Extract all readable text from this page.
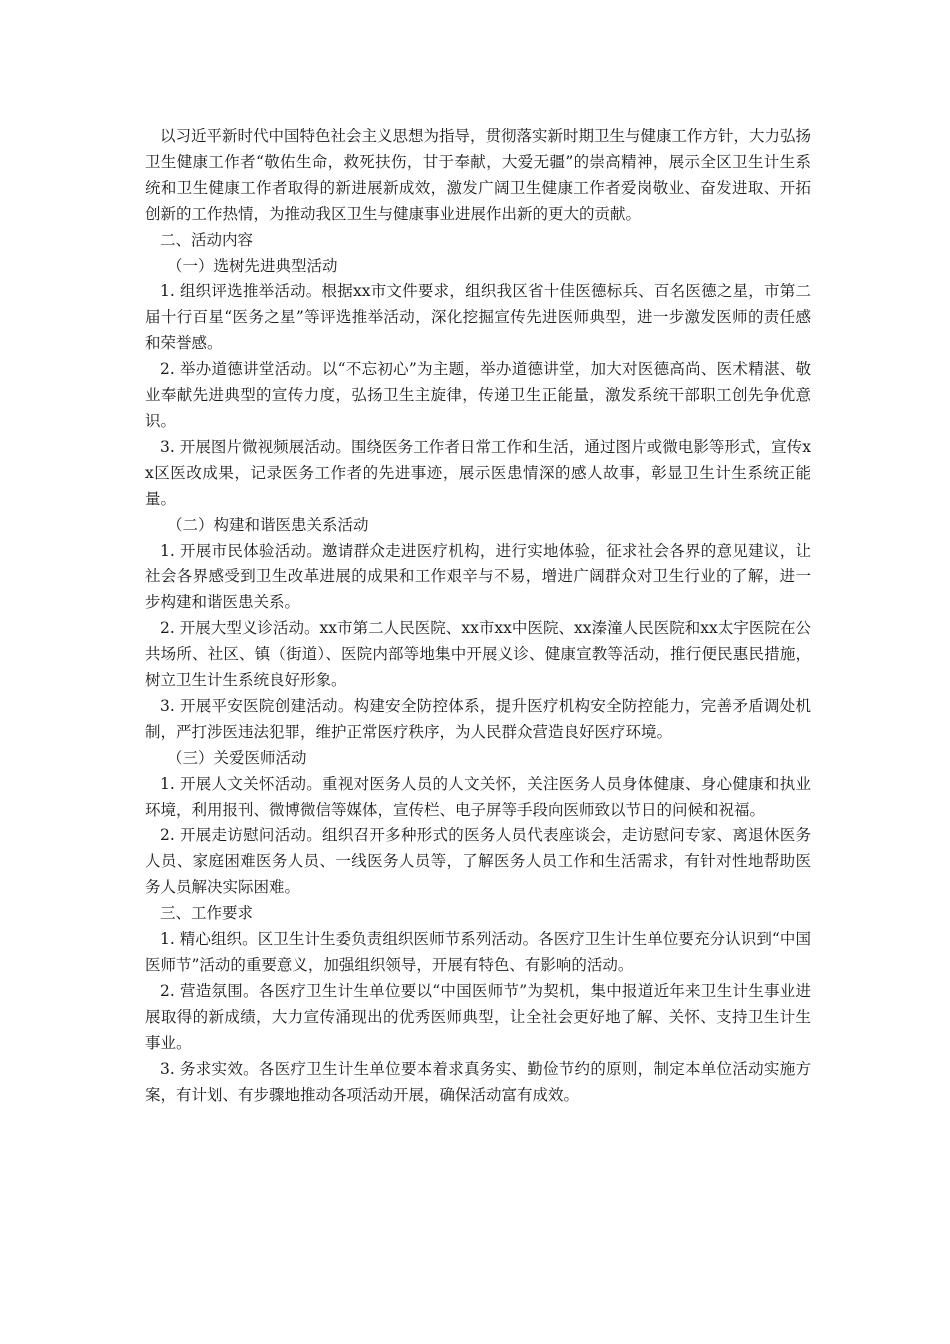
以习近平新时代中国特色社会主义思想为指导，贯彻落实新时期卫生与健康工作方针，大力弘扬卫生健康工作者“敬佑生命，救死扶伤，甘于奉献，大爱无疆”的崇高精神，展示全区卫生计生系统和卫生健康工作者取得的新进展新成效，激发广阔卫生健康工作者爱岗敬业、奋发进取、开拓创新的工作热情，为推动我区卫生与健康事业进展作出新的更大的贡献。

二、活动内容

（一）选树先进典型活动

1. 组织评选推举活动。根据xx市文件要求，组织我区省十佳医德标兵、百名医德之星，市第二届十行百星“医务之星”等评选推举活动，深化挖掘宣传先进医师典型，进一步激发医师的责任感和荣誉感。

2. 举办道德讲堂活动。以“不忘初心”为主题，举办道德讲堂，加大对医德高尚、医术精湛、敬业奉献先进典型的宣传力度，弘扬卫生主旋律，传递卫生正能量，激发系统干部职工创先争优意识。

3. 开展图片微视频展活动。围绕医务工作者日常工作和生活，通过图片或微电影等形式，宣传xx区医改成果，记录医务工作者的先进事迹，展示医患情深的感人故事，彰显卫生计生系统正能量。

（二）构建和谐医患关系活动

1. 开展市民体验活动。邀请群众走进医疗机构，进行实地体验，征求社会各界的意见建议，让社会各界感受到卫生改革进展的成果和工作艰辛与不易，增进广阔群众对卫生行业的了解，进一步构建和谐医患关系。

2. 开展大型义诊活动。xx市第二人民医院、xx市xx中医院、xx溱潼人民医院和xx太宇医院在公共场所、社区、镇（街道）、医院内部等地集中开展义诊、健康宣教等活动，推行便民惠民措施，树立卫生计生系统良好形象。

3. 开展平安医院创建活动。构建安全防控体系，提升医疗机构安全防控能力，完善矛盾调处机制，严打涉医违法犯罪，维护正常医疗秩序，为人民群众营造良好医疗环境。

（三）关爱医师活动

1. 开展人文关怀活动。重视对医务人员的人文关怀，关注医务人员身体健康、身心健康和执业环境，利用报刊、微博微信等媒体，宣传栏、电子屏等手段向医师致以节日的问候和祝福。

2. 开展走访慰问活动。组织召开多种形式的医务人员代表座谈会，走访慰问专家、离退休医务人员、家庭困难医务人员、一线医务人员等，了解医务人员工作和生活需求，有针对性地帮助医务人员解决实际困难。

三、工作要求

1. 精心组织。区卫生计生委负责组织医师节系列活动。各医疗卫生计生单位要充分认识到“中国医师节”活动的重要意义，加强组织领导，开展有特色、有影响的活动。

2. 营造氛围。各医疗卫生计生单位要以“中国医师节”为契机，集中报道近年来卫生计生事业进展取得的新成绩，大力宣传涌现出的优秀医师典型，让全社会更好地了解、关怀、支持卫生计生事业。

3. 务求实效。各医疗卫生计生单位要本着求真务实、勤俭节约的原则，制定本单位活动实施方案，有计划、有步骤地推动各项活动开展，确保活动富有成效。
